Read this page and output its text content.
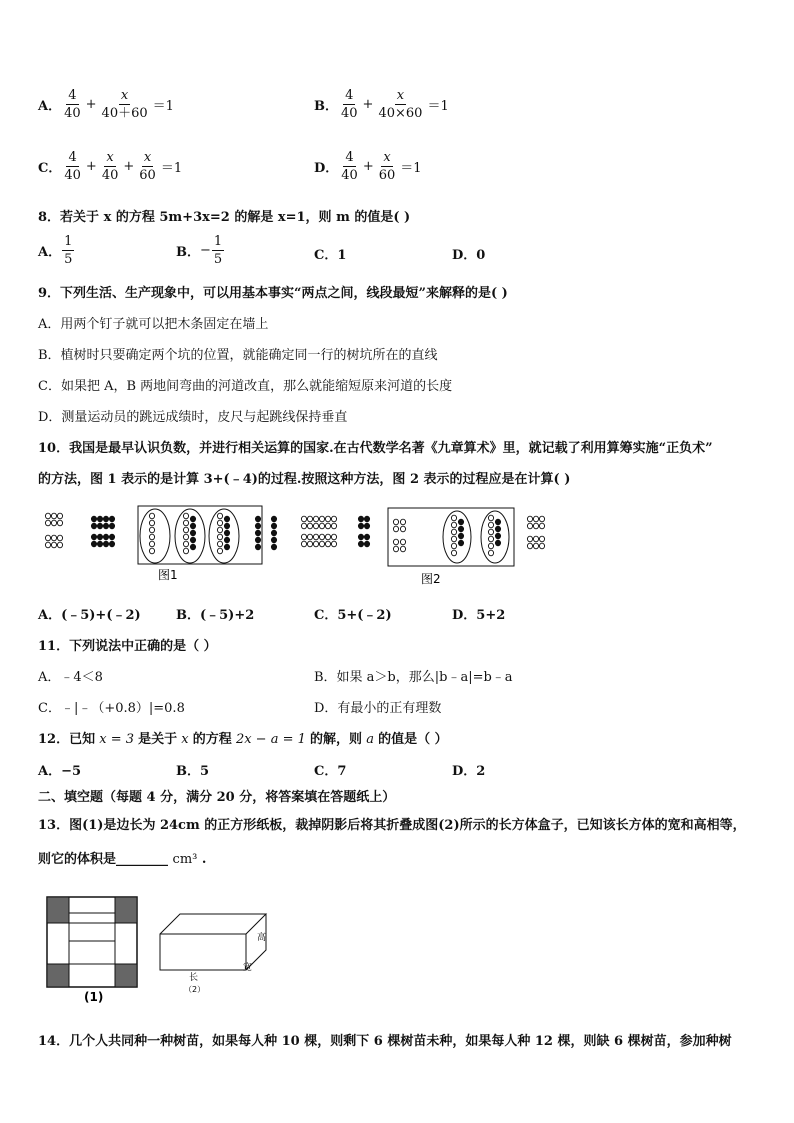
A． $\frac{4}{40} + \frac{x}{40+60} =1$	B． $\frac{4}{40} + \frac{x}{40\times 60} =1$
C． $\frac{4}{40} + \frac{x}{40} + \frac{x}{60} =1$	D． $\frac{4}{40} + \frac{x}{60} =1$
8．若关于 x 的方程 5m+3x=2 的解是 x=1，则 m 的值是( )
A． $\frac{1}{5}$	B． − $\frac{1}{5}$	C．1	D．0
9．下列生活、生产现象中，可以用基本事实“两点之间，线段最短”来解释的是( )
A．用两个钉子就可以把木条固定在墙上
B．植树时只要确定两个坑的位置，就能确定同一行的树坑所在的直线
C．如果把 A，B 两地间弯曲的河道改直，那么就能缩短原来河道的长度
D．测量运动员的跳远成绩时，皮尺与起跳线保持垂直
10．我国是最早认识负数，并进行相关运算的国家.在古代数学名著《九章算术》里，就记载了利用算筹实施“正负术”
的方法，图 1 表示的是计算 3+(﹣4)的过程.按照这种方法，图 2 表示的过程应是在计算( )
图1	图2
A．(﹣5)+(﹣2)	B．(﹣5)+2	C．5+(﹣2)	D．5+2
11．下列说法中正确的是（ ）
A．﹣4＜8	B．如果 a＞b，那么|b﹣a|=b﹣a
C．﹣|﹣（+0.8）|=0.8	D．有最小的正有理数
12．已知 x = 3 是关于 x 的方程 2x − a = 1 的解，则 a 的值是（ ）
A．−5	B．5	C．7	D．2
二、填空题（每题 4 分，满分 20 分，将答案填在答题纸上）
13．图(1)是边长为 24cm 的正方形纸板，裁掉阴影后将其折叠成图(2)所示的长方体盒子，已知该长方体的宽和高相等，
则它的体积是________ cm³ .
(1)
长
宽
高
（2）
14．几个人共同种一种树苗，如果每人种 10 棵，则剩下 6 棵树苗未种，如果每人种 12 棵，则缺 6 棵树苗，参加种树
